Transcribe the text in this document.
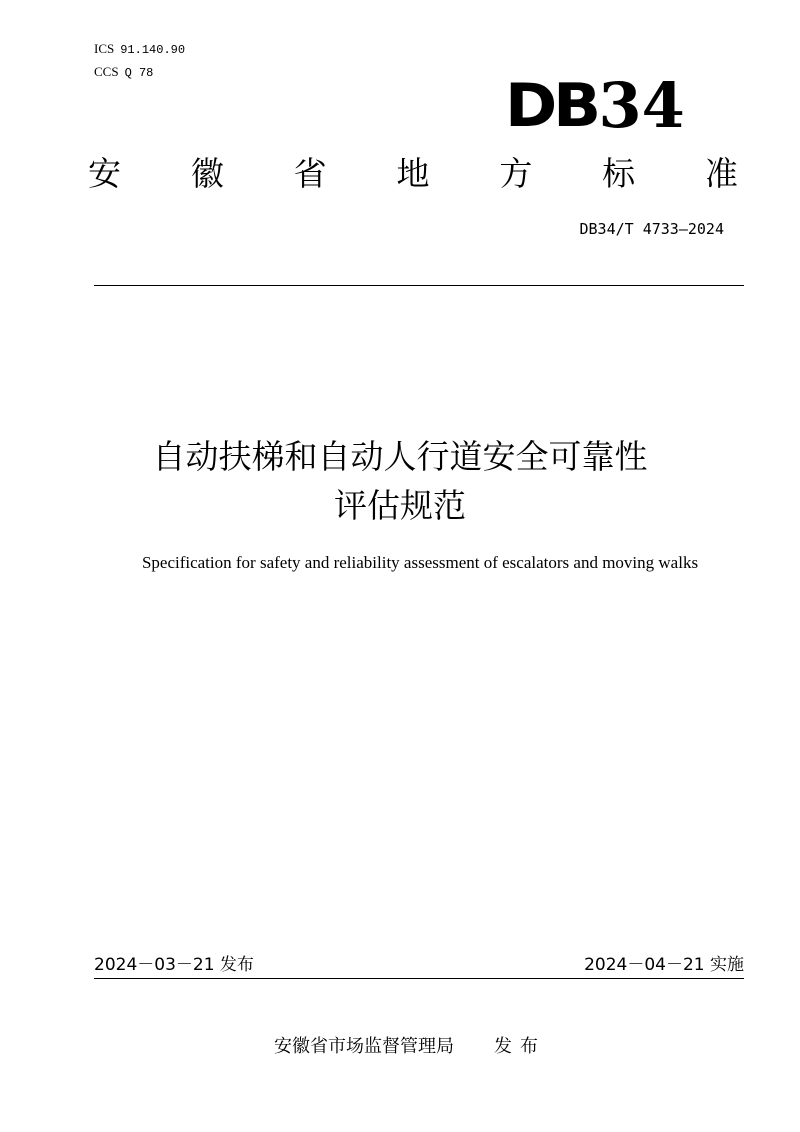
ICS 91.140.90
CCS Q 78	DB 34
安 徽 省 地 方 标 准
DB34/T 4733—2024
自动扶梯和自动人行道安全可靠性
评估规范
Specification for safety and reliability assessment of escalators and moving walks
2024－03－21 发布	2024－04－21 实施
安徽省市场监督管理局 发布
